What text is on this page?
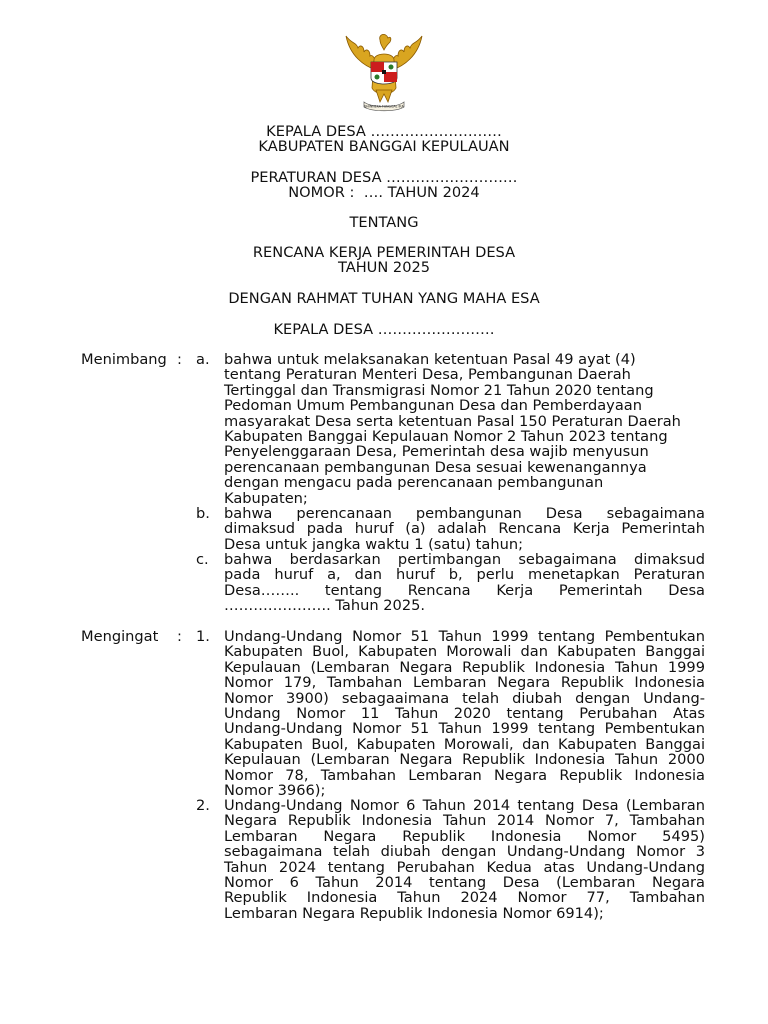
BHINNEKA TUNGGAL IKA
KEPALA DESA ………………………
KABUPATEN BANGGAI KEPULAUAN
PERATURAN DESA ………………………
NOMOR :  …. TAHUN 2024
TENTANG
RENCANA KERJA PEMERINTAH DESA
TAHUN 2025
DENGAN RAHMAT TUHAN YANG MAHA ESA
KEPALA DESA ……………………
Menimbang : a. bahwa untuk melaksanakan ketentuan Pasal 49 ayat (4)
tentang Peraturan Menteri Desa, Pembangunan Daerah
Tertinggal dan Transmigrasi Nomor 21 Tahun 2020 tentang
Pedoman Umum Pembangunan Desa dan Pemberdayaan
masyarakat Desa serta ketentuan Pasal 150 Peraturan Daerah
Kabupaten Banggai Kepulauan Nomor 2 Tahun 2023 tentang
Penyelenggaraan Desa, Pemerintah desa wajib menyusun
perencanaan pembangunan Desa sesuai kewenangannya
dengan mengacu pada perencanaan pembangunan
Kabupaten;
b. bahwa perencanaan pembangunan Desa sebagaimana
dimaksud pada huruf (a) adalah Rencana Kerja Pemerintah
Desa untuk jangka waktu 1 (satu) tahun;
c. bahwa berdasarkan pertimbangan sebagaimana dimaksud
pada huruf a, dan huruf b, perlu menetapkan Peraturan
Desa…….. tentang Rencana Kerja Pemerintah Desa
…………………. Tahun 2025.
Mengingat : 1. Undang-Undang Nomor 51 Tahun 1999 tentang Pembentukan
Kabupaten Buol, Kabupaten Morowali dan Kabupaten Banggai
Kepulauan (Lembaran Negara Republik Indonesia Tahun 1999
Nomor 179, Tambahan Lembaran Negara Republik Indonesia
Nomor 3900) sebagaaimana telah diubah dengan Undang-
Undang Nomor 11 Tahun 2020 tentang Perubahan Atas
Undang-Undang Nomor 51 Tahun 1999 tentang Pembentukan
Kabupaten Buol, Kabupaten Morowali, dan Kabupaten Banggai
Kepulauan (Lembaran Negara Republik Indonesia Tahun 2000
Nomor 78, Tambahan Lembaran Negara Republik Indonesia
Nomor 3966);
2. Undang-Undang Nomor 6 Tahun 2014 tentang Desa (Lembaran
Negara Republik Indonesia Tahun 2014 Nomor 7, Tambahan
Lembaran Negara Republik Indonesia Nomor 5495)
sebagaimana telah diubah dengan Undang-Undang Nomor 3
Tahun 2024 tentang Perubahan Kedua atas Undang-Undang
Nomor 6 Tahun 2014 tentang Desa (Lembaran Negara
Republik Indonesia Tahun 2024 Nomor 77, Tambahan
Lembaran Negara Republik Indonesia Nomor 6914);
